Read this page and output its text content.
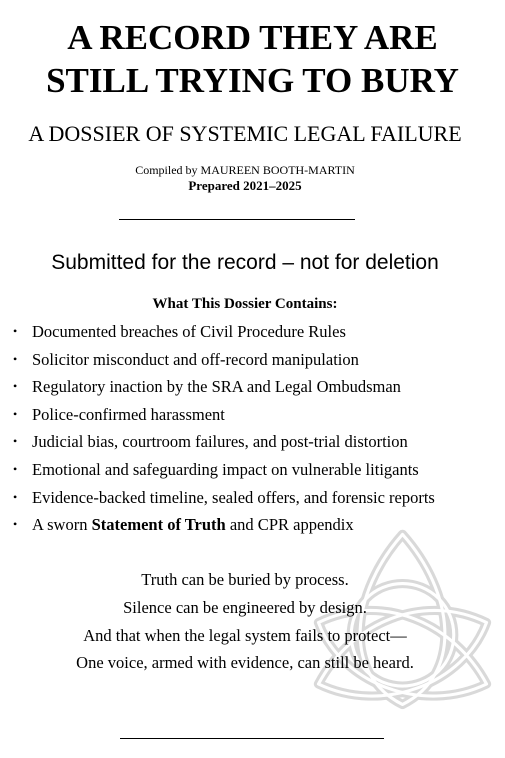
A RECORD THEY ARE
STILL TRYING TO BURY
A DOSSIER OF SYSTEMIC LEGAL FAILURE
Compiled by MAUREEN BOOTH-MARTIN
Prepared 2021–2025
Submitted for the record – not for deletion
What This Dossier Contains:
• Documented breaches of Civil Procedure Rules
• Solicitor misconduct and off-record manipulation
• Regulatory inaction by the SRA and Legal Ombudsman
• Police-confirmed harassment
• Judicial bias, courtroom failures, and post-trial distortion
• Emotional and safeguarding impact on vulnerable litigants
• Evidence-backed timeline, sealed offers, and forensic reports
• A sworn Statement of Truth and CPR appendix
Truth can be buried by process.
Silence can be engineered by design.
And that when the legal system fails to protect—
One voice, armed with evidence, can still be heard.
